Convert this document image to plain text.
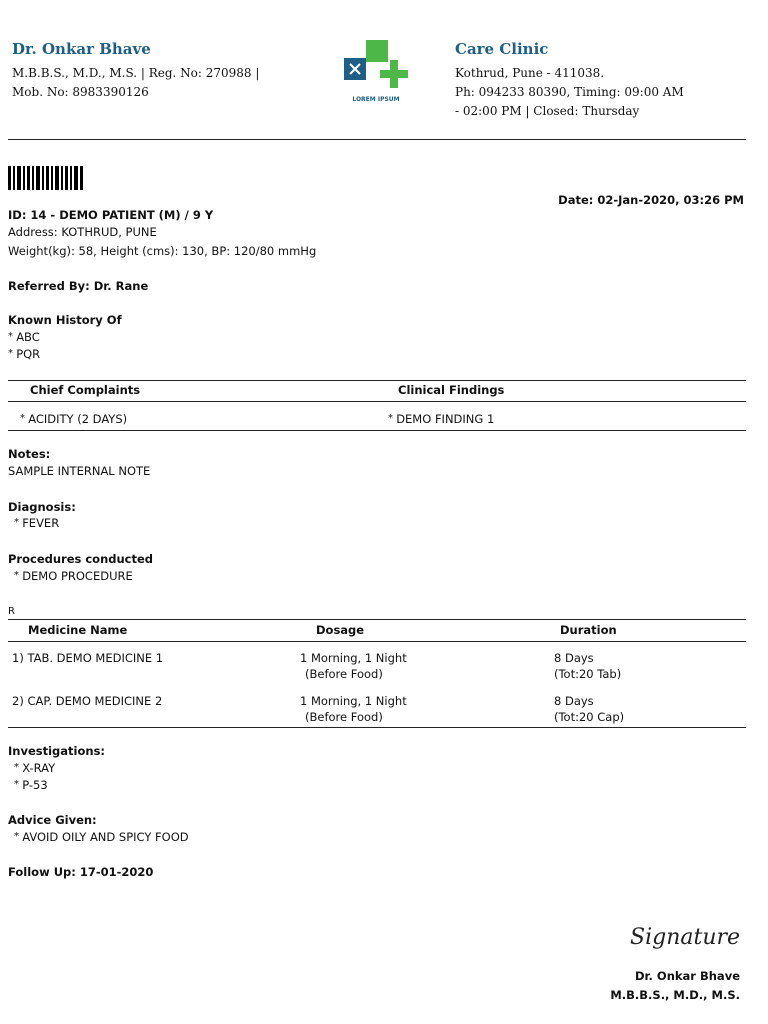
Dr. Onkar Bhave
M.B.B.S., M.D., M.S. | Reg. No: 270988 |
Mob. No: 8983390126
LOREM IPSUM
Care Clinic
Kothrud, Pune - 411038.
Ph: 094233 80390, Timing: 09:00 AM
- 02:00 PM | Closed: Thursday
Date: 02-Jan-2020, 03:26 PM
ID: 14 - DEMO PATIENT (M) / 9 Y
Address: KOTHRUD, PUNE
Weight(kg): 58, Height (cms): 130, BP: 120/80 mmHg
Referred By: Dr. Rane
Known History Of
* ABC
* PQR
Chief Complaints	Clinical Findings
* ACIDITY (2 DAYS)
*	DEMO FINDING 1
Notes:
SAMPLE INTERNAL NOTE
Diagnosis:
* FEVER
Procedures conducted
* DEMO PROCEDURE
R
Medicine Name	Dosage	Duration
1) TAB. DEMO MEDICINE 1	1 Morning, 1 Night
(Before Food)
8 Days
(Tot:20 Tab)
2) CAP. DEMO MEDICINE 2	1 Morning, 1 Night
(Before Food)
8 Days
(Tot:20 Cap)
Investigations:
* X-RAY
* P-53
Advice Given:
* AVOID OILY AND SPICY FOOD
Follow Up: 17-01-2020
Signature
Dr. Onkar Bhave
M.B.B.S., M.D., M.S.
